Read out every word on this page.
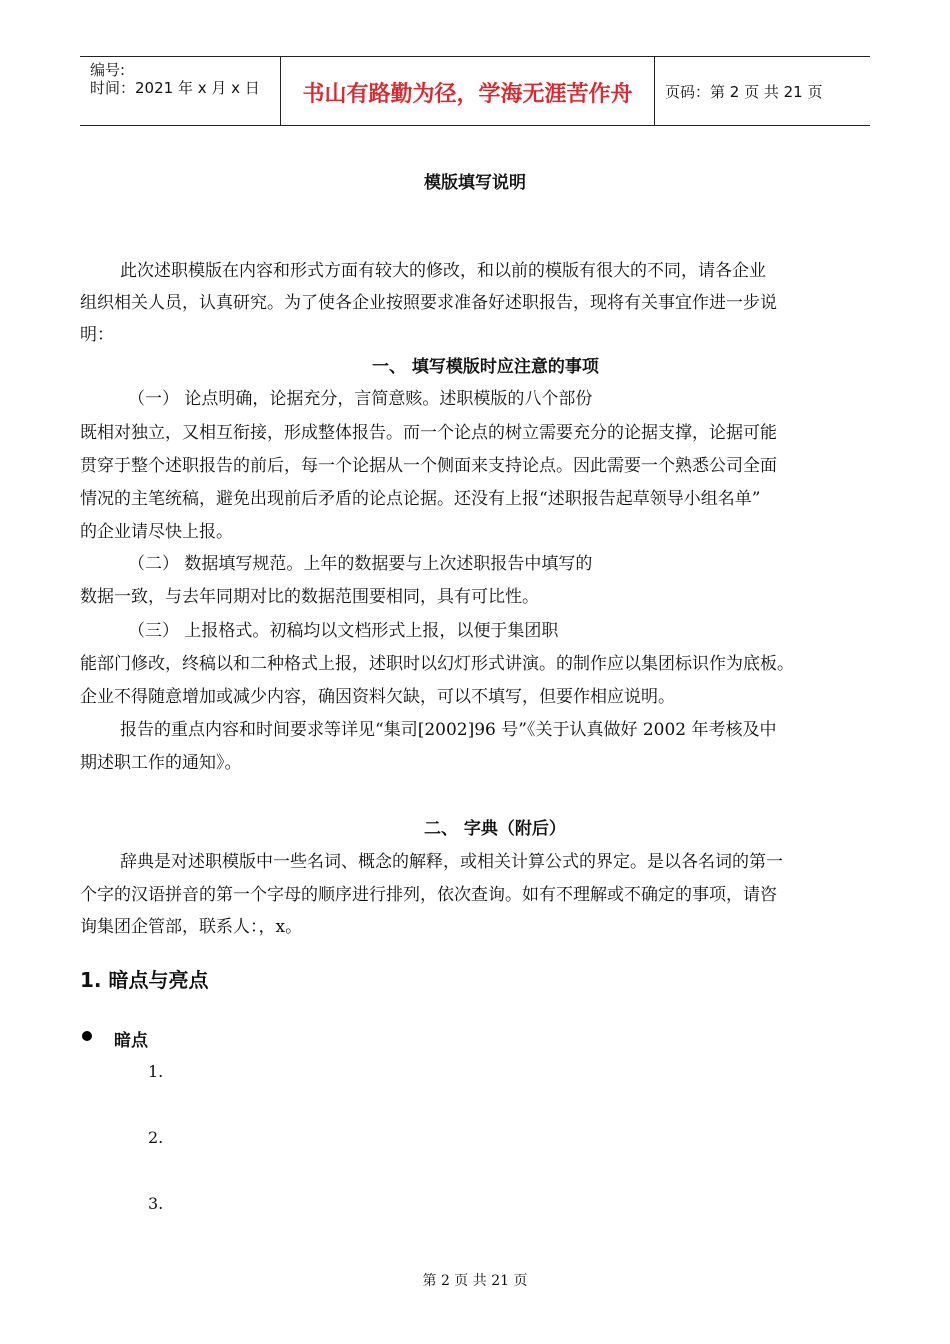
编号:
时间：2021 年 x 月 x 日	书山有路勤为径，学海无涯苦作舟	页码：第 2 页 共 21 页
模版填写说明
此次述职模版在内容和形式方面有较大的修改，和以前的模版有很大的不同，请各企业
组织相关人员，认真研究。为了使各企业按照要求准备好述职报告，现将有关事宜作进一步说
明：
一、 填写模版时应注意的事项
（一） 论点明确，论据充分，言简意赅。述职模版的八个部份
既相对独立，又相互衔接，形成整体报告。而一个论点的树立需要充分的论据支撑，论据可能
贯穿于整个述职报告的前后，每一个论据从一个侧面来支持论点。因此需要一个熟悉公司全面
情况的主笔统稿，避免出现前后矛盾的论点论据。还没有上报“述职报告起草领导小组名单”
的企业请尽快上报。
（二） 数据填写规范。上年的数据要与上次述职报告中填写的
数据一致，与去年同期对比的数据范围要相同，具有可比性。
（三） 上报格式。初稿均以文档形式上报，以便于集团职
能部门修改，终稿以和二种格式上报，述职时以幻灯形式讲演。的制作应以集团标识作为底板。
企业不得随意增加或减少内容，确因资料欠缺，可以不填写，但要作相应说明。
报告的重点内容和时间要求等详见“集司[2002]96 号”《关于认真做好 2002 年考核及中
期述职工作的通知》。
二、 字典（附后）
辞典是对述职模版中一些名词、概念的解释，或相关计算公式的界定。是以各名词的第一
个字的汉语拼音的第一个字母的顺序进行排列，依次查询。如有不理解或不确定的事项，请咨
询集团企管部，联系人：，x。
1. 暗点与亮点
暗点
1.
2.
3.
第 2 页 共 21 页
